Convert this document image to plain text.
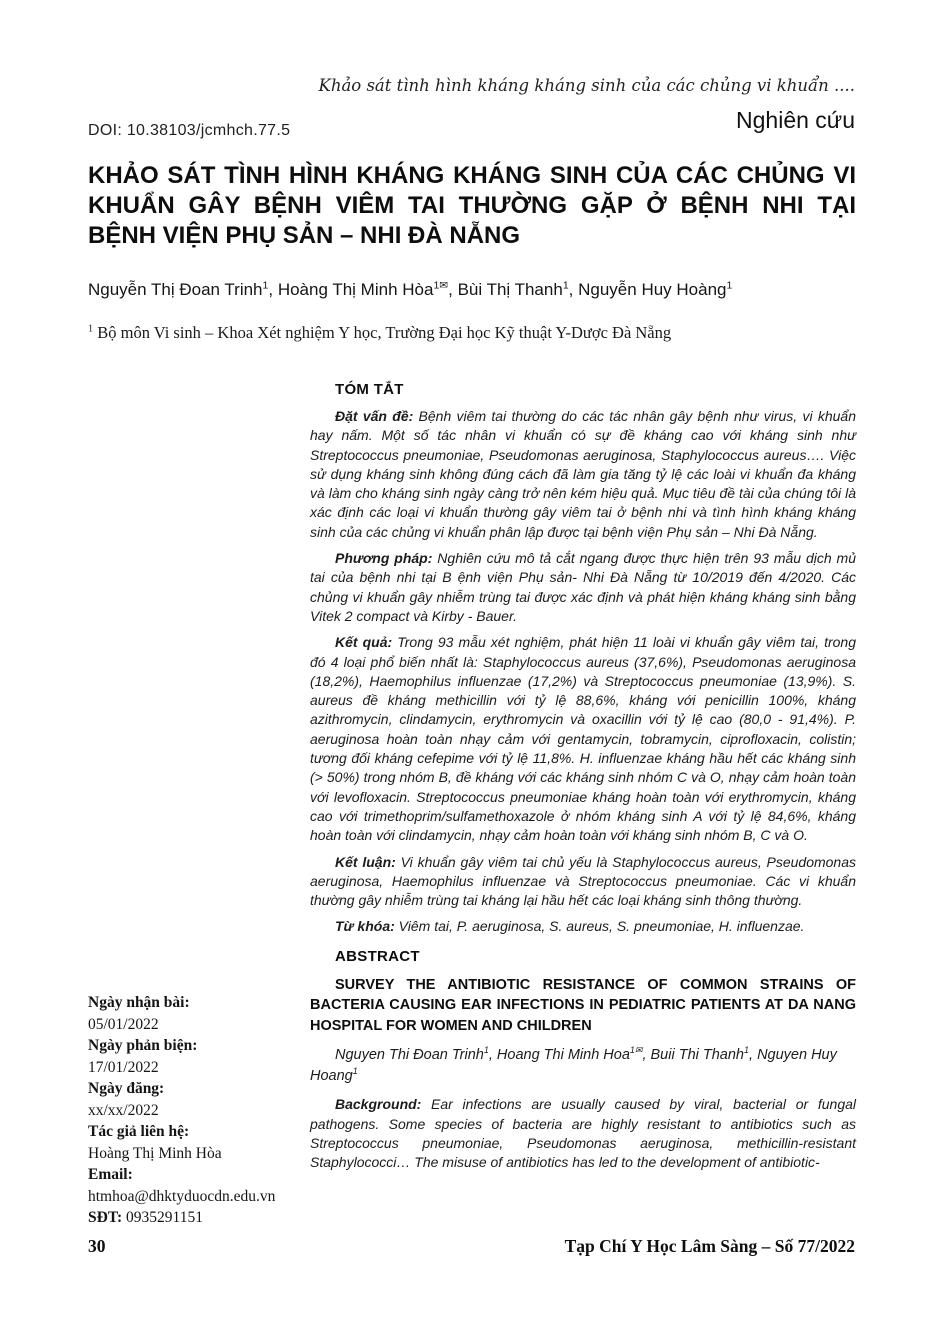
Khảo sát tình hình kháng kháng sinh của các chủng vi khuẩn ....
DOI: 10.38103/jcmhch.77.5	Nghiên cứu
KHẢO SÁT TÌNH HÌNH KHÁNG KHÁNG SINH CỦA CÁC CHỦNG VI KHUẨN GÂY BỆNH VIÊM TAI THƯỜNG GẶP Ở BỆNH NHI TẠI BỆNH VIỆN PHỤ SẢN – NHI ĐÀ NẴNG
Nguyễn Thị Đoan Trinh$^1$, Hoàng Thị Minh Hòa$^{1✉}$, Bùi Thị Thanh$^1$, Nguyễn Huy Hoàng$^1$
$^1$ Bộ môn Vi sinh – Khoa Xét nghiệm Y học, Trường Đại học Kỹ thuật Y-Dược Đà Nẵng
TÓM TẮT

Đặt vấn đề: Bệnh viêm tai thường do các tác nhân gây bệnh như virus, vi khuẩn hay nấm. Một số tác nhân vi khuẩn có sự đề kháng cao với kháng sinh như Streptococcus pneumoniae, Pseudomonas aeruginosa, Staphylococcus aureus…. Việc sử dụng kháng sinh không đúng cách đã làm gia tăng tỷ lệ các loài vi khuẩn đa kháng và làm cho kháng sinh ngày càng trở nên kém hiệu quả. Mục tiêu đề tài của chúng tôi là xác định các loại vi khuẩn thường gây viêm tai ở bệnh nhi và tình hình kháng kháng sinh của các chủng vi khuẩn phân lập được tại bệnh viện Phụ sản – Nhi Đà Nẵng.

Phương pháp: Nghiên cứu mô tả cắt ngang được thực hiện trên 93 mẫu dịch mủ tai của bệnh nhi tại B ệnh viện Phụ sản- Nhi Đà Nẵng từ 10/2019 đến 4/2020. Các chủng vi khuẩn gây nhiễm trùng tai được xác định và phát hiện kháng kháng sinh bằng Vitek 2 compact và Kirby - Bauer.

Kết quả: Trong 93 mẫu xét nghiệm, phát hiện 11 loài vi khuẩn gây viêm tai, trong đó 4 loại phổ biến nhất là: Staphylococcus aureus (37,6%), Pseudomonas aeruginosa (18,2%), Haemophilus influenzae (17,2%) và Streptococcus pneumoniae (13,9%). S. aureus đề kháng methicillin với tỷ lệ 88,6%, kháng với penicillin 100%, kháng azithromycin, clindamycin, erythromycin và oxacillin với tỷ lệ cao (80,0 - 91,4%). P. aeruginosa hoàn toàn nhạy cảm với gentamycin, tobramycin, ciprofloxacin, colistin; tương đối kháng cefepime với tỷ lệ 11,8%. H. influenzae kháng hầu hết các kháng sinh (> 50%) trong nhóm B, đề kháng với các kháng sinh nhóm C và O, nhạy cảm hoàn toàn với levofloxacin. Streptococcus pneumoniae kháng hoàn toàn với erythromycin, kháng cao với trimethoprim/sulfamethoxazole ở nhóm kháng sinh A với tỷ lệ 84,6%, kháng hoàn toàn với clindamycin, nhạy cảm hoàn toàn với kháng sinh nhóm B, C và O.

Kết luận: Vi khuẩn gây viêm tai chủ yếu là Staphylococcus aureus, Pseudomonas aeruginosa, Haemophilus influenzae và Streptococcus pneumoniae. Các vi khuẩn thường gây nhiễm trùng tai kháng lại hầu hết các loại kháng sinh thông thường.

Từ khóa: Viêm tai, P. aeruginosa, S. aureus, S. pneumoniae, H. influenzae.

ABSTRACT

SURVEY THE ANTIBIOTIC RESISTANCE OF COMMON STRAINS OF BACTERIA CAUSING EAR INFECTIONS IN PEDIATRIC PATIENTS AT DA NANG HOSPITAL FOR WOMEN AND CHILDREN

Nguyen Thi Đoan Trinh$^1$, Hoang Thi Minh Hoa$^{1✉}$, Buii Thi Thanh$^1$, Nguyen Huy Hoang$^1$

Background: Ear infections are usually caused by viral, bacterial or fungal pathogens. Some species of bacteria are highly resistant to antibiotics such as Streptococcus pneumoniae, Pseudomonas aeruginosa, methicillin-resistant Staphylococci… The misuse of antibiotics has led to the development of antibiotic-

Ngày nhận bài:
05/01/2022
Ngày phản biện:
17/01/2022
Ngày đăng:
xx/xx/2022
Tác giả liên hệ:
Hoàng Thị Minh Hòa
Email:
htmhoa@dhktyduocdn.edu.vn
SĐT: 0935291151
30	Tạp Chí Y Học Lâm Sàng – Số 77/2022
